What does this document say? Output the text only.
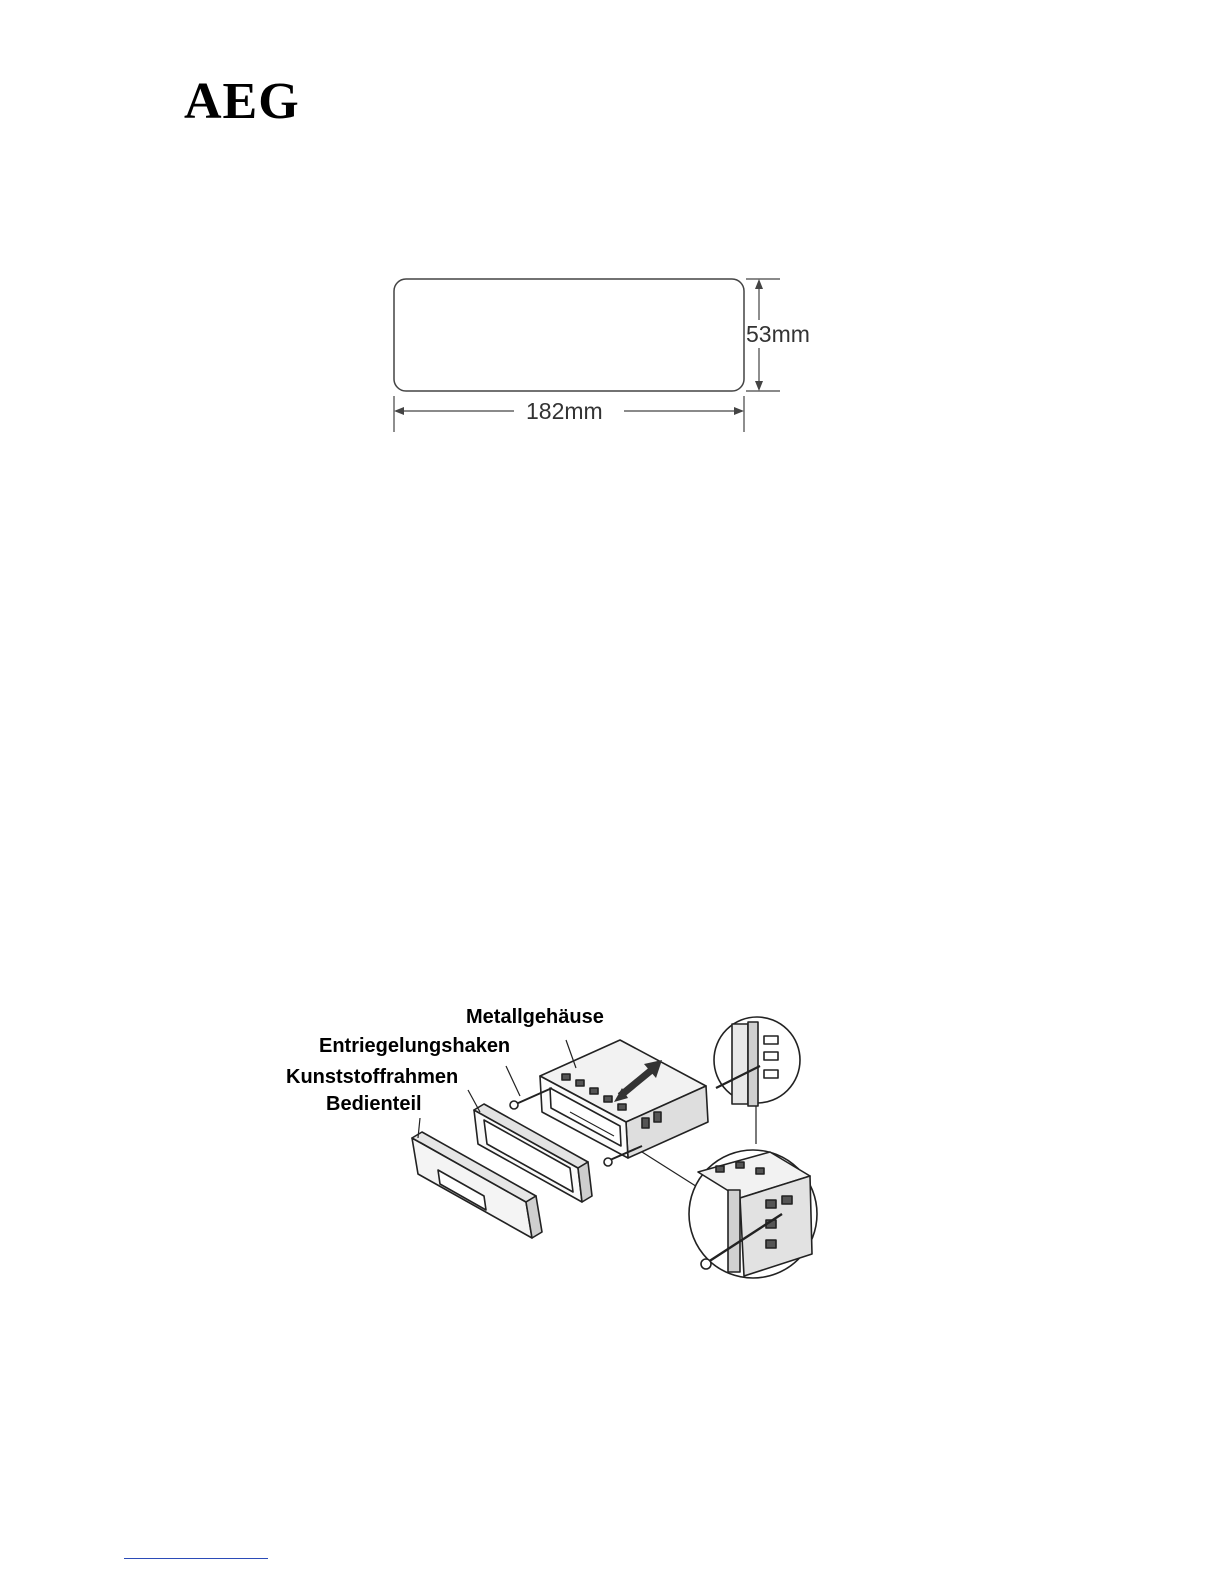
AEG
53mm
182mm
Metallgehäuse
Entriegelungshaken
Kunststoffrahmen
Bedienteil
